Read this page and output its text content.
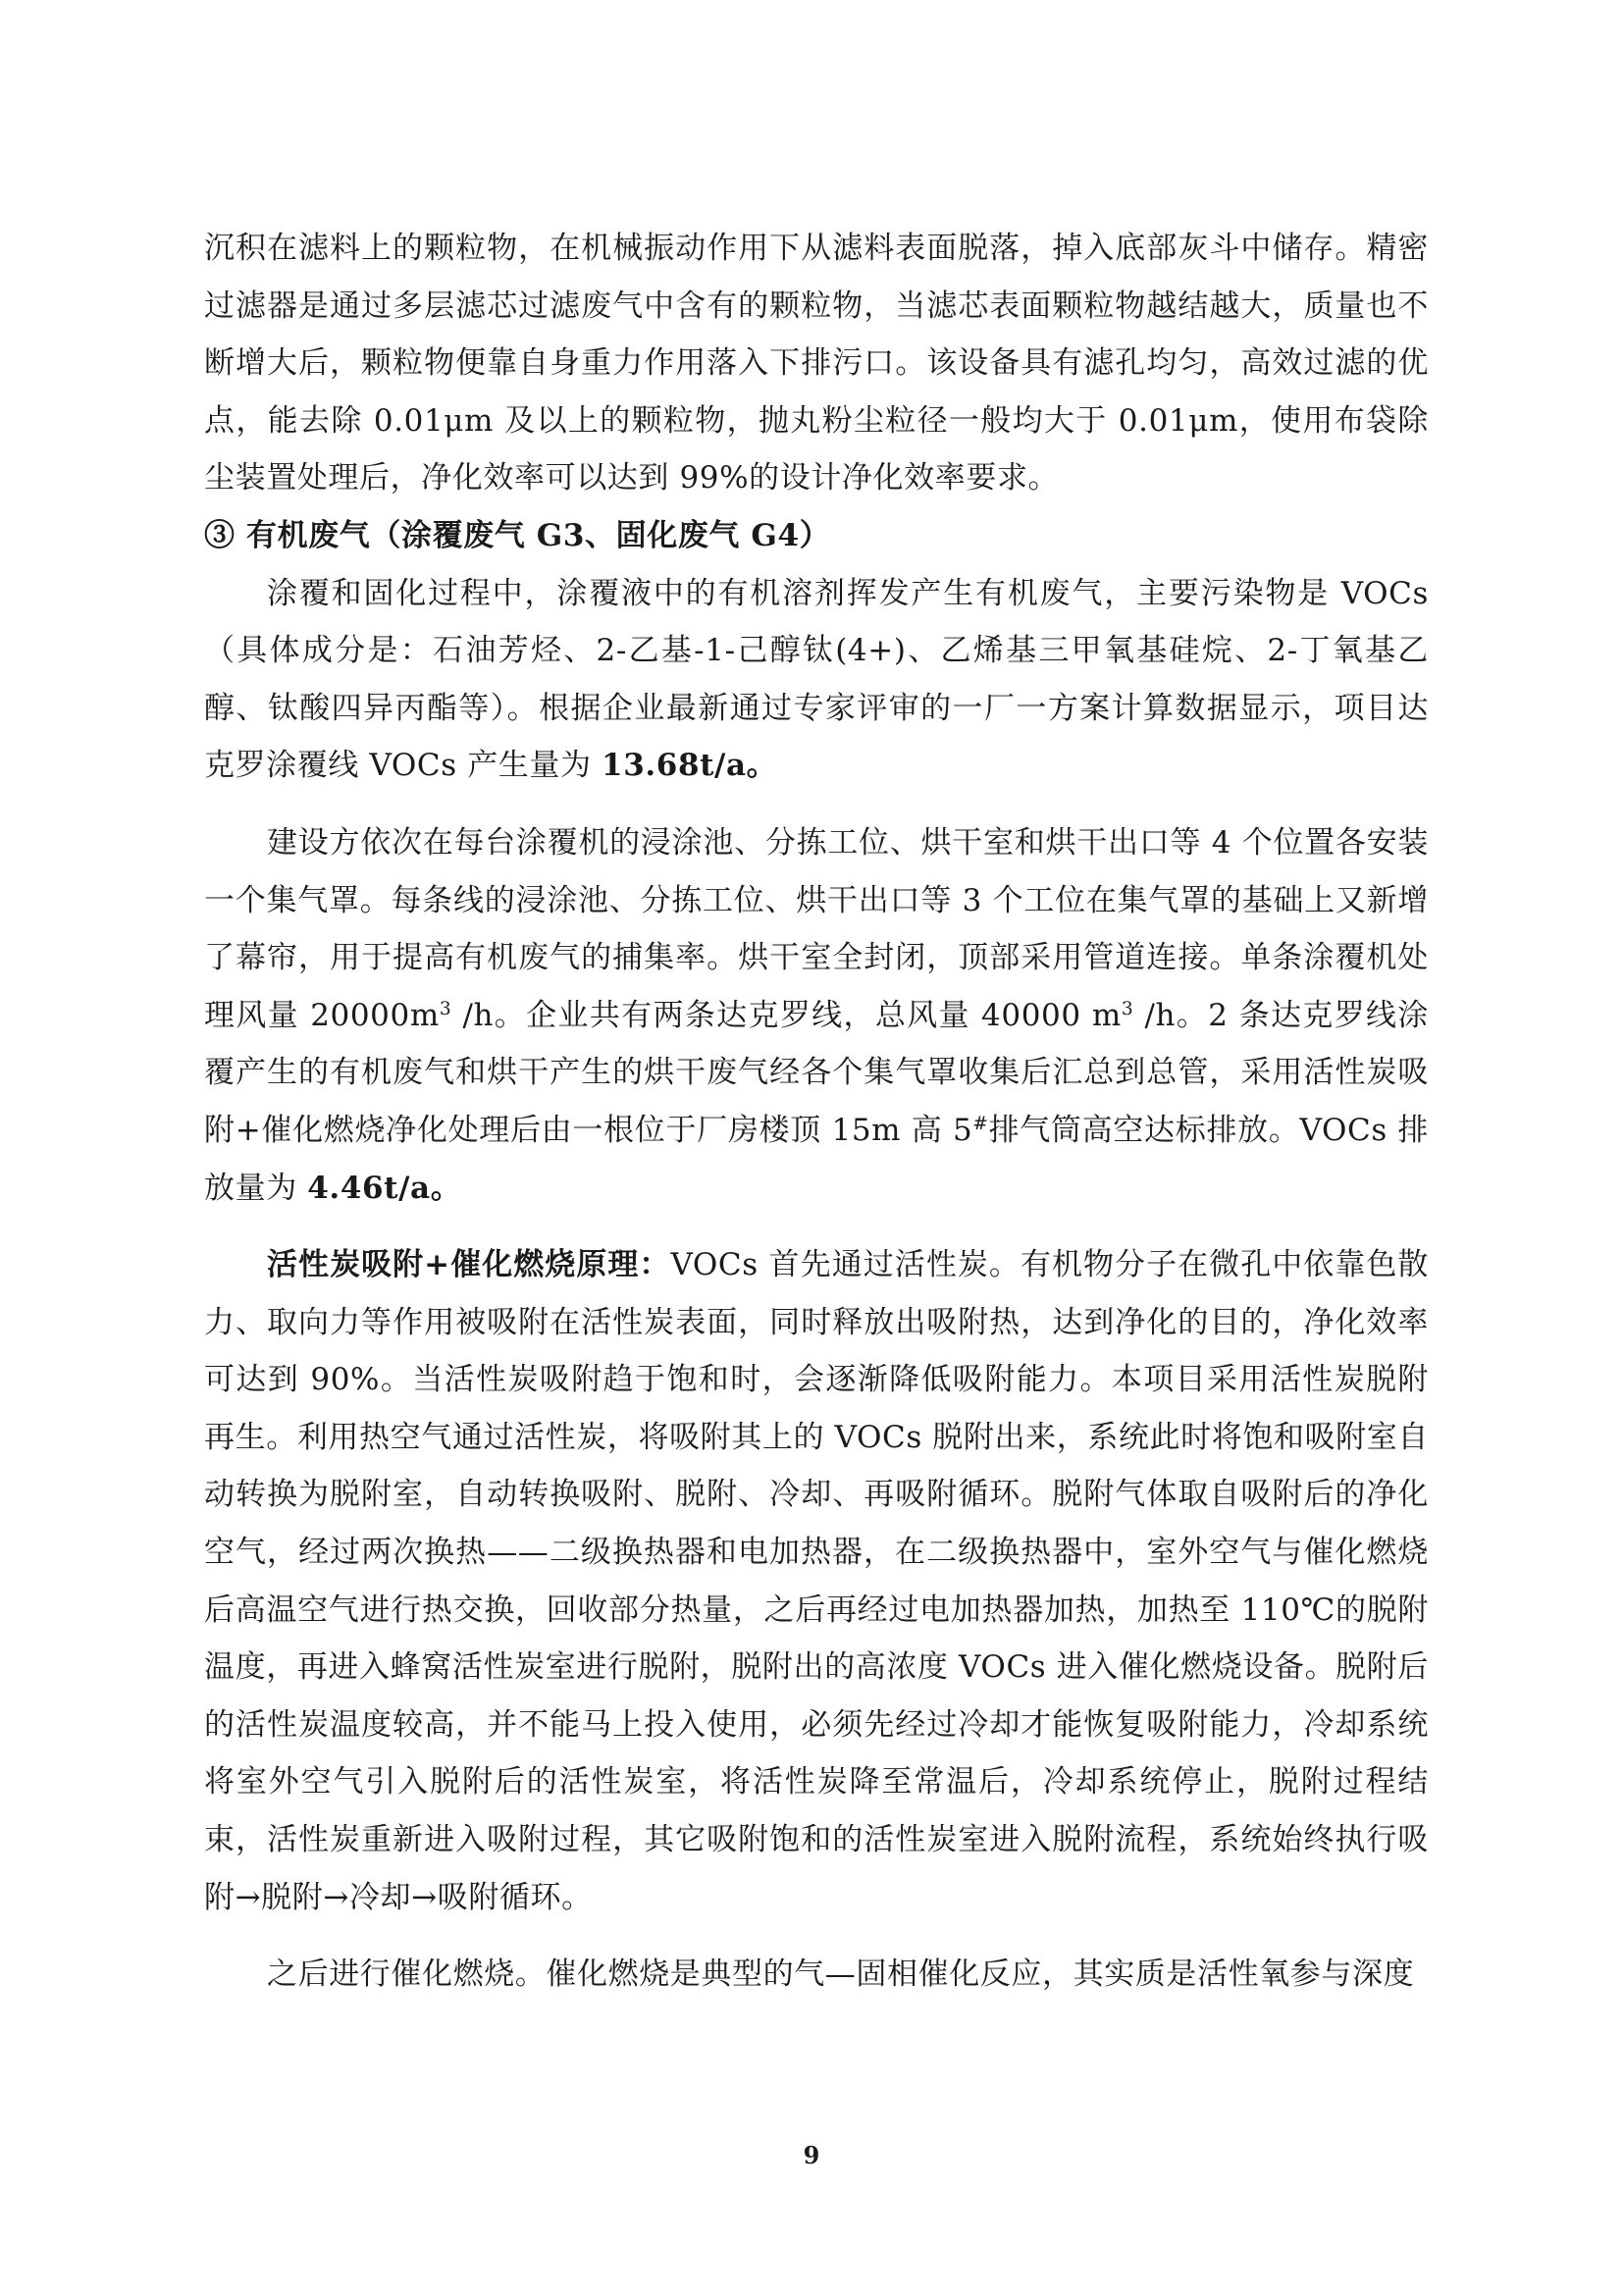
沉积在滤料上的颗粒物，在机械振动作用下从滤料表面脱落，掉入底部灰斗中储存。精密过滤器是通过多层滤芯过滤废气中含有的颗粒物，当滤芯表面颗粒物越结越大，质量也不断增大后，颗粒物便靠自身重力作用落入下排污口。该设备具有滤孔均匀，高效过滤的优点，能去除 0.01μm 及以上的颗粒物，抛丸粉尘粒径一般均大于 0.01μm，使用布袋除尘装置处理后，净化效率可以达到 99%的设计净化效率要求。

③ 有机废气（涂覆废气 G3、固化废气 G4）

涂覆和固化过程中，涂覆液中的有机溶剂挥发产生有机废气，主要污染物是 VOCs（具体成分是：石油芳烃、2-乙基-1-己醇钛(4+)、乙烯基三甲氧基硅烷、2-丁氧基乙醇、钛酸四异丙酯等）。根据企业最新通过专家评审的一厂一方案计算数据显示，项目达克罗涂覆线 VOCs 产生量为 13.68t/a。

建设方依次在每台涂覆机的浸涂池、分拣工位、烘干室和烘干出口等 4 个位置各安装一个集气罩。每条线的浸涂池、分拣工位、烘干出口等 3 个工位在集气罩的基础上又新增了幕帘，用于提高有机废气的捕集率。烘干室全封闭，顶部采用管道连接。单条涂覆机处理风量 $20000m^3$ /h。企业共有两条达克罗线，总风量 40000 $m^3$ /h。2 条达克罗线涂覆产生的有机废气和烘干产生的烘干废气经各个集气罩收集后汇总到总管，采用活性炭吸附+催化燃烧净化处理后由一根位于厂房楼顶 15m 高 5#排气筒高空达标排放。VOCs 排放量为 4.46t/a。

活性炭吸附+催化燃烧原理：VOCs 首先通过活性炭。有机物分子在微孔中依靠色散力、取向力等作用被吸附在活性炭表面，同时释放出吸附热，达到净化的目的，净化效率可达到 90%。当活性炭吸附趋于饱和时，会逐渐降低吸附能力。本项目采用活性炭脱附再生。利用热空气通过活性炭，将吸附其上的 VOCs 脱附出来，系统此时将饱和吸附室自动转换为脱附室，自动转换吸附、脱附、冷却、再吸附循环。脱附气体取自吸附后的净化空气，经过两次换热——二级换热器和电加热器，在二级换热器中，室外空气与催化燃烧后高温空气进行热交换，回收部分热量，之后再经过电加热器加热，加热至 110℃的脱附温度，再进入蜂窝活性炭室进行脱附，脱附出的高浓度 VOCs 进入催化燃烧设备。脱附后的活性炭温度较高，并不能马上投入使用，必须先经过冷却才能恢复吸附能力，冷却系统将室外空气引入脱附后的活性炭室，将活性炭降至常温后，冷却系统停止，脱附过程结束，活性炭重新进入吸附过程，其它吸附饱和的活性炭室进入脱附流程，系统始终执行吸附→脱附→冷却→吸附循环。

之后进行催化燃烧。催化燃烧是典型的气—固相催化反应，其实质是活性氧参与深度

9
